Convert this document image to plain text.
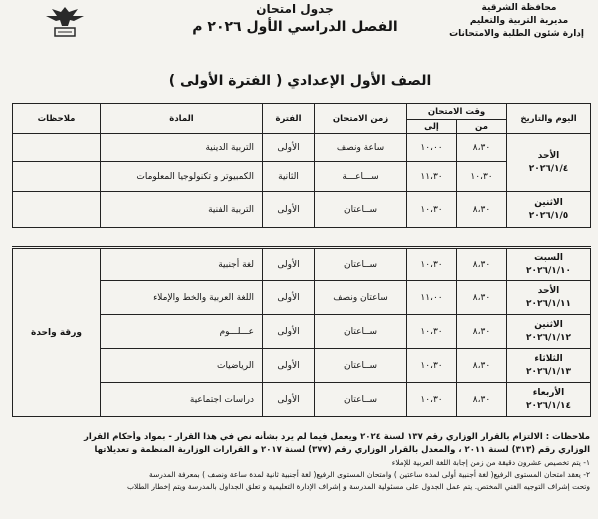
محافظة الشرقية
مديرية التربية والتعليم
إدارة شئون الطلبة والامتحانات
جدول امتحان
الفصل الدراسي الأول ٢٠٢٦ م
الصف الأول الإعدادي ( الفترة الأولى )
اليوم والتاريخ	وقت الامتحان		زمن الامتحان	الفترة	المادة	ملاحظات
	من	إلى				

الأحد
٢٠٢٦/١/٤	٨،٣٠	١٠،٠٠	ساعة ونصف	الأولى	التربية الدينية	
	١٠،٣٠	١١،٣٠	ســـاعـــة	الثانية	الكمبيوتر و تكنولوجيا المعلومات	

الاثنين
٢٠٢٦/١/٥	٨،٣٠	١٠،٣٠	ســاعتان	الأولى	التربية الفنية	

السبت
٢٠٢٦/١/١٠	٨،٣٠	١٠،٣٠	ســاعتان	الأولى	لغة أجنبية	ورقة واحدة

الأحد
٢٠٢٦/١/١١	٨،٣٠	١١،٠٠	ساعتان ونصف	الأولى	اللغة العربية والخط والإملاء	

الاثنين
٢٠٢٦/١/١٢	٨،٣٠	١٠،٣٠	ســاعتان	الأولى	عـــلـــوم	

الثلاثاء
٢٠٢٦/١/١٣	٨،٣٠	١٠،٣٠	ســاعتان	الأولى	الرياضيات	

الأربعاء
٢٠٢٦/١/١٤	٨،٣٠	١٠،٣٠	ســاعتان	الأولى	دراسات اجتماعية	
ملاحظات : الالتزام بالقرار الوزاري رقم ١٣٧ لسنة ٢٠٢٤ ويعمل فيما لم يرد بشأنه نص في هذا القرار - بمواد وأحكام القرار
الوزاري رقم (٣١٣) لسنة ٢٠١١ ، والمعدل بالقرار الوزاري رقم (٣٧٧) لسنة ٢٠١٧ و القرارات الوزارية المنظمة و تعديلاتها
١- يتم تخصيص عشرون دقيقة من زمن إجابة اللغة العربية للإملاء
٢- يعقد امتحان المستوى الرفيع( لغة أجنبية أولى لمدة ساعتين ) وامتحان المستوى الرفيع( لغة أجنبية ثانية لمدة ساعة ونصف ) بمعرفة المدرسة
وتحت إشراف التوجيه الفني المختص. يتم عمل الجدول على مسئولية المدرسة و إشراف الإدارة التعليمية و تعلق الجداول بالمدرسة ويتم إخطار الطلاب
